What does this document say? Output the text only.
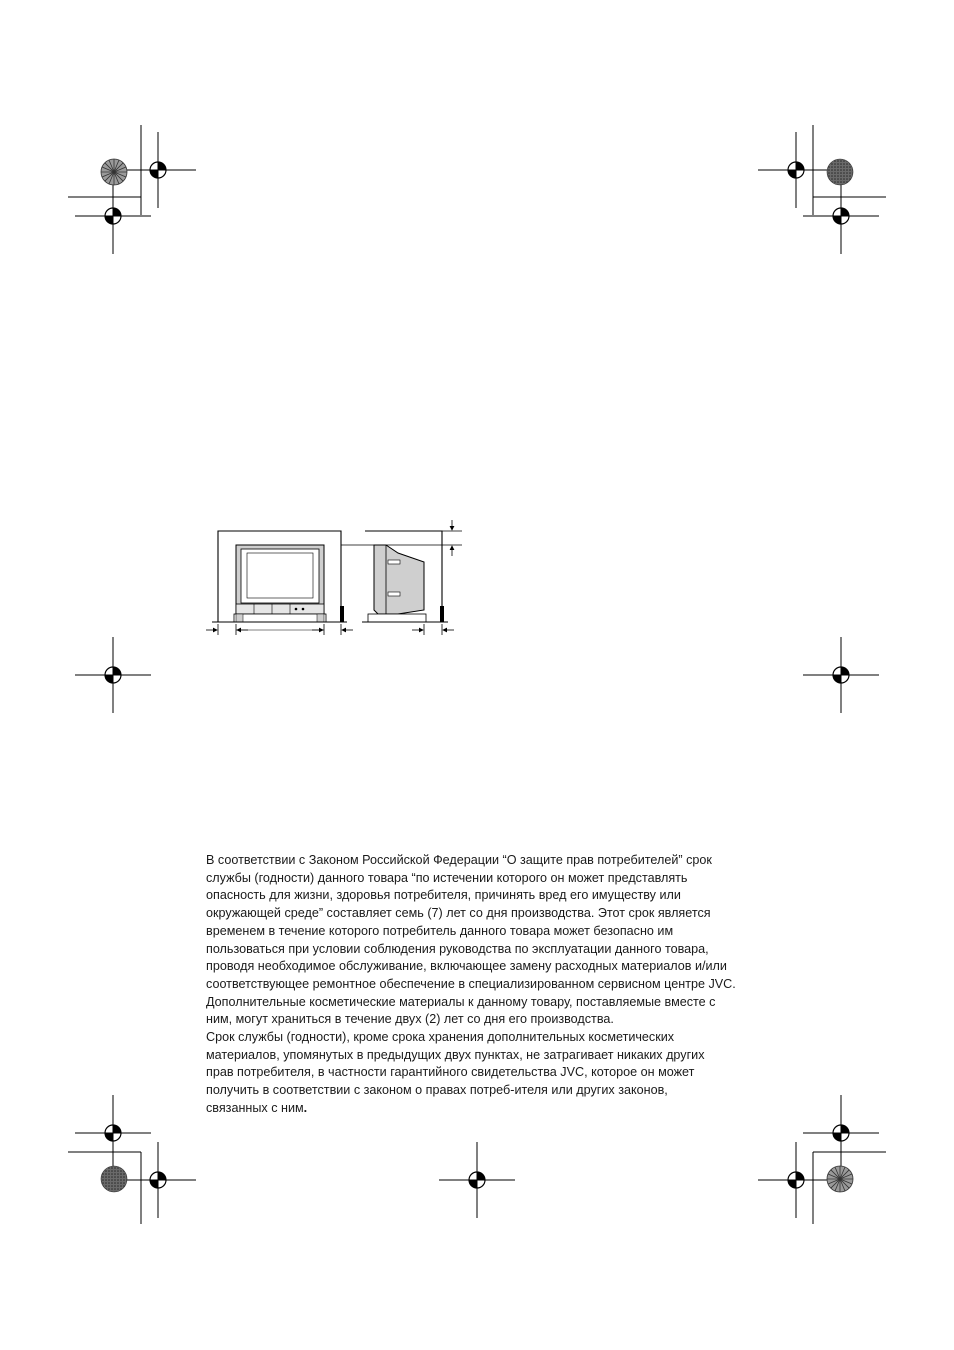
В соответствии с Законом Российской Федерации “О защите прав потребителей” срок

службы (годности) данного товара “по истечении которого он может представлять

опасность для жизни, здоровья потребителя, причинять вред его имуществу или

окружающей среде” составляет семь (7) лет со дня производства. Этот срок является

временем в течение которого потребитель данного товара может безопасно им

пользоваться при условии соблюдения руководства по эксплуатации данного товара,

проводя необходимое обслуживание, включающее замену расходных материалов и/или

соответствующее ремонтное обеспечение в специализированном сервисном центре JVC.

Дополнительные косметические материалы к данному товару, поставляемые вместе с

ним, могут храниться в течение двух (2) лет со дня его производства.

Срок службы (годности), кроме срока хранения дополнительных косметических

материалов, упомянутых в предыдущих двух пунктах, не затрагивает никаких других

прав потребителя, в частности гарантийного свидетельства JVC, которое он может

получить в соответствии с законом о правах потреб-ителя или других законов,

связанных с ним.
